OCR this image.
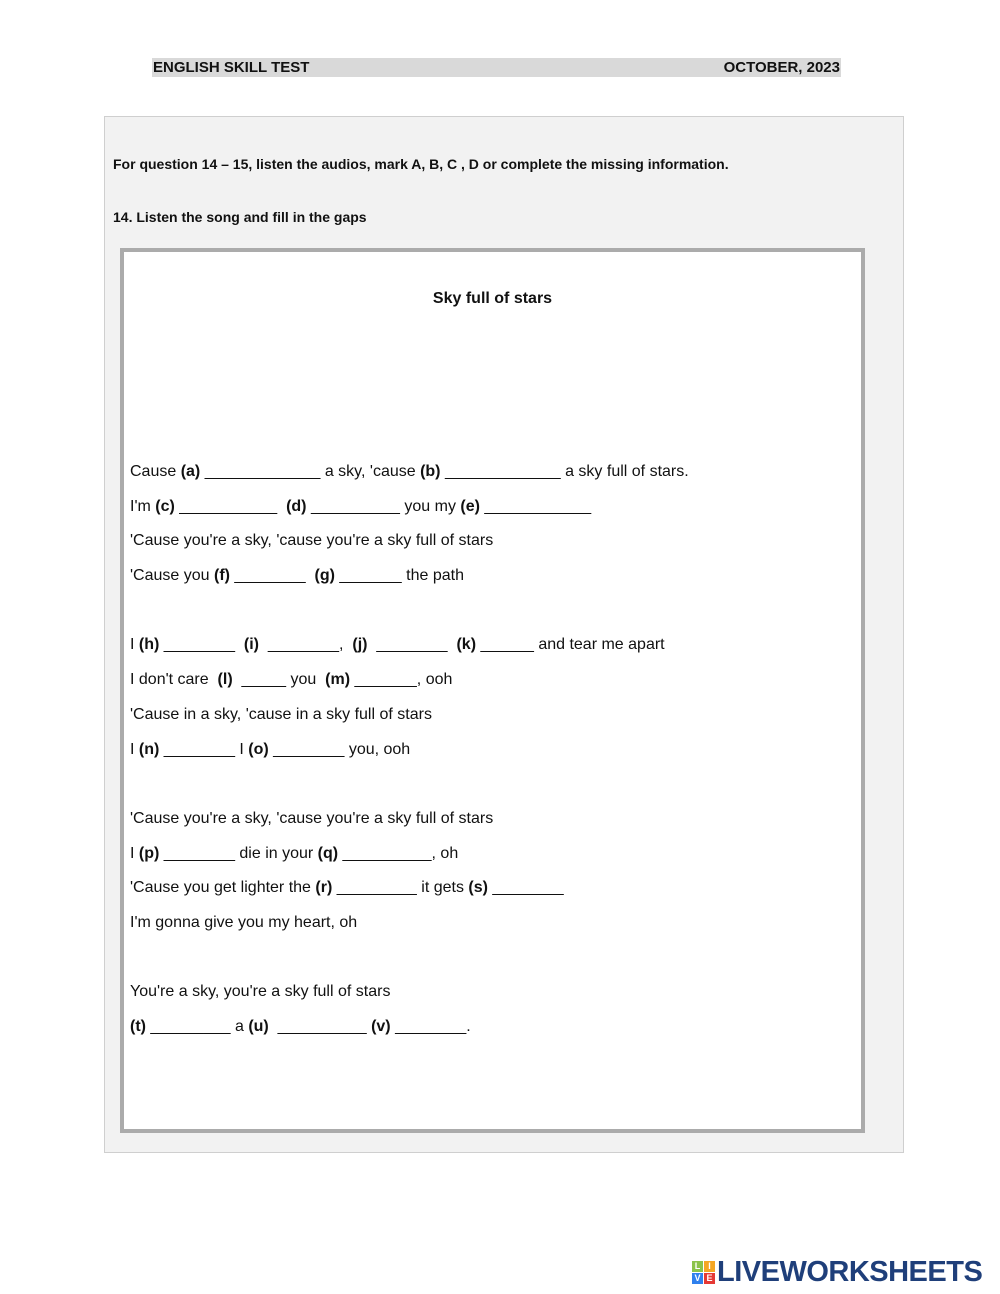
ENGLISH SKILL TEST	OCTOBER, 2023
For question 14 – 15, listen the audios, mark A, B, C , D or complete the missing information.
14. Listen the song and fill in the gaps
Sky full of stars
Cause (a) _____________ a sky, 'cause (b) _____________ a sky full of stars.
I'm (c) ___________  (d) __________ you my (e) ____________
'Cause you're a sky, 'cause you're a sky full of stars
'Cause you (f) ________  (g) _______ the path
I (h) ________  (i)  ________,  (j)  ________  (k) ______ and tear me apart
I don't care  (l)  _____ you  (m) _______, ooh
'Cause in a sky, 'cause in a sky full of stars
I (n) ________ I (o) ________ you, ooh
'Cause you're a sky, 'cause you're a sky full of stars
I (p) ________ die in your (q) __________, oh
'Cause you get lighter the (r) _________ it gets (s) ________
I'm gonna give you my heart, oh
You're a sky, you're a sky full of stars
(t) _________ a (u)  __________ (v) ________.
L I
V E LIVEWORKSHEETS
